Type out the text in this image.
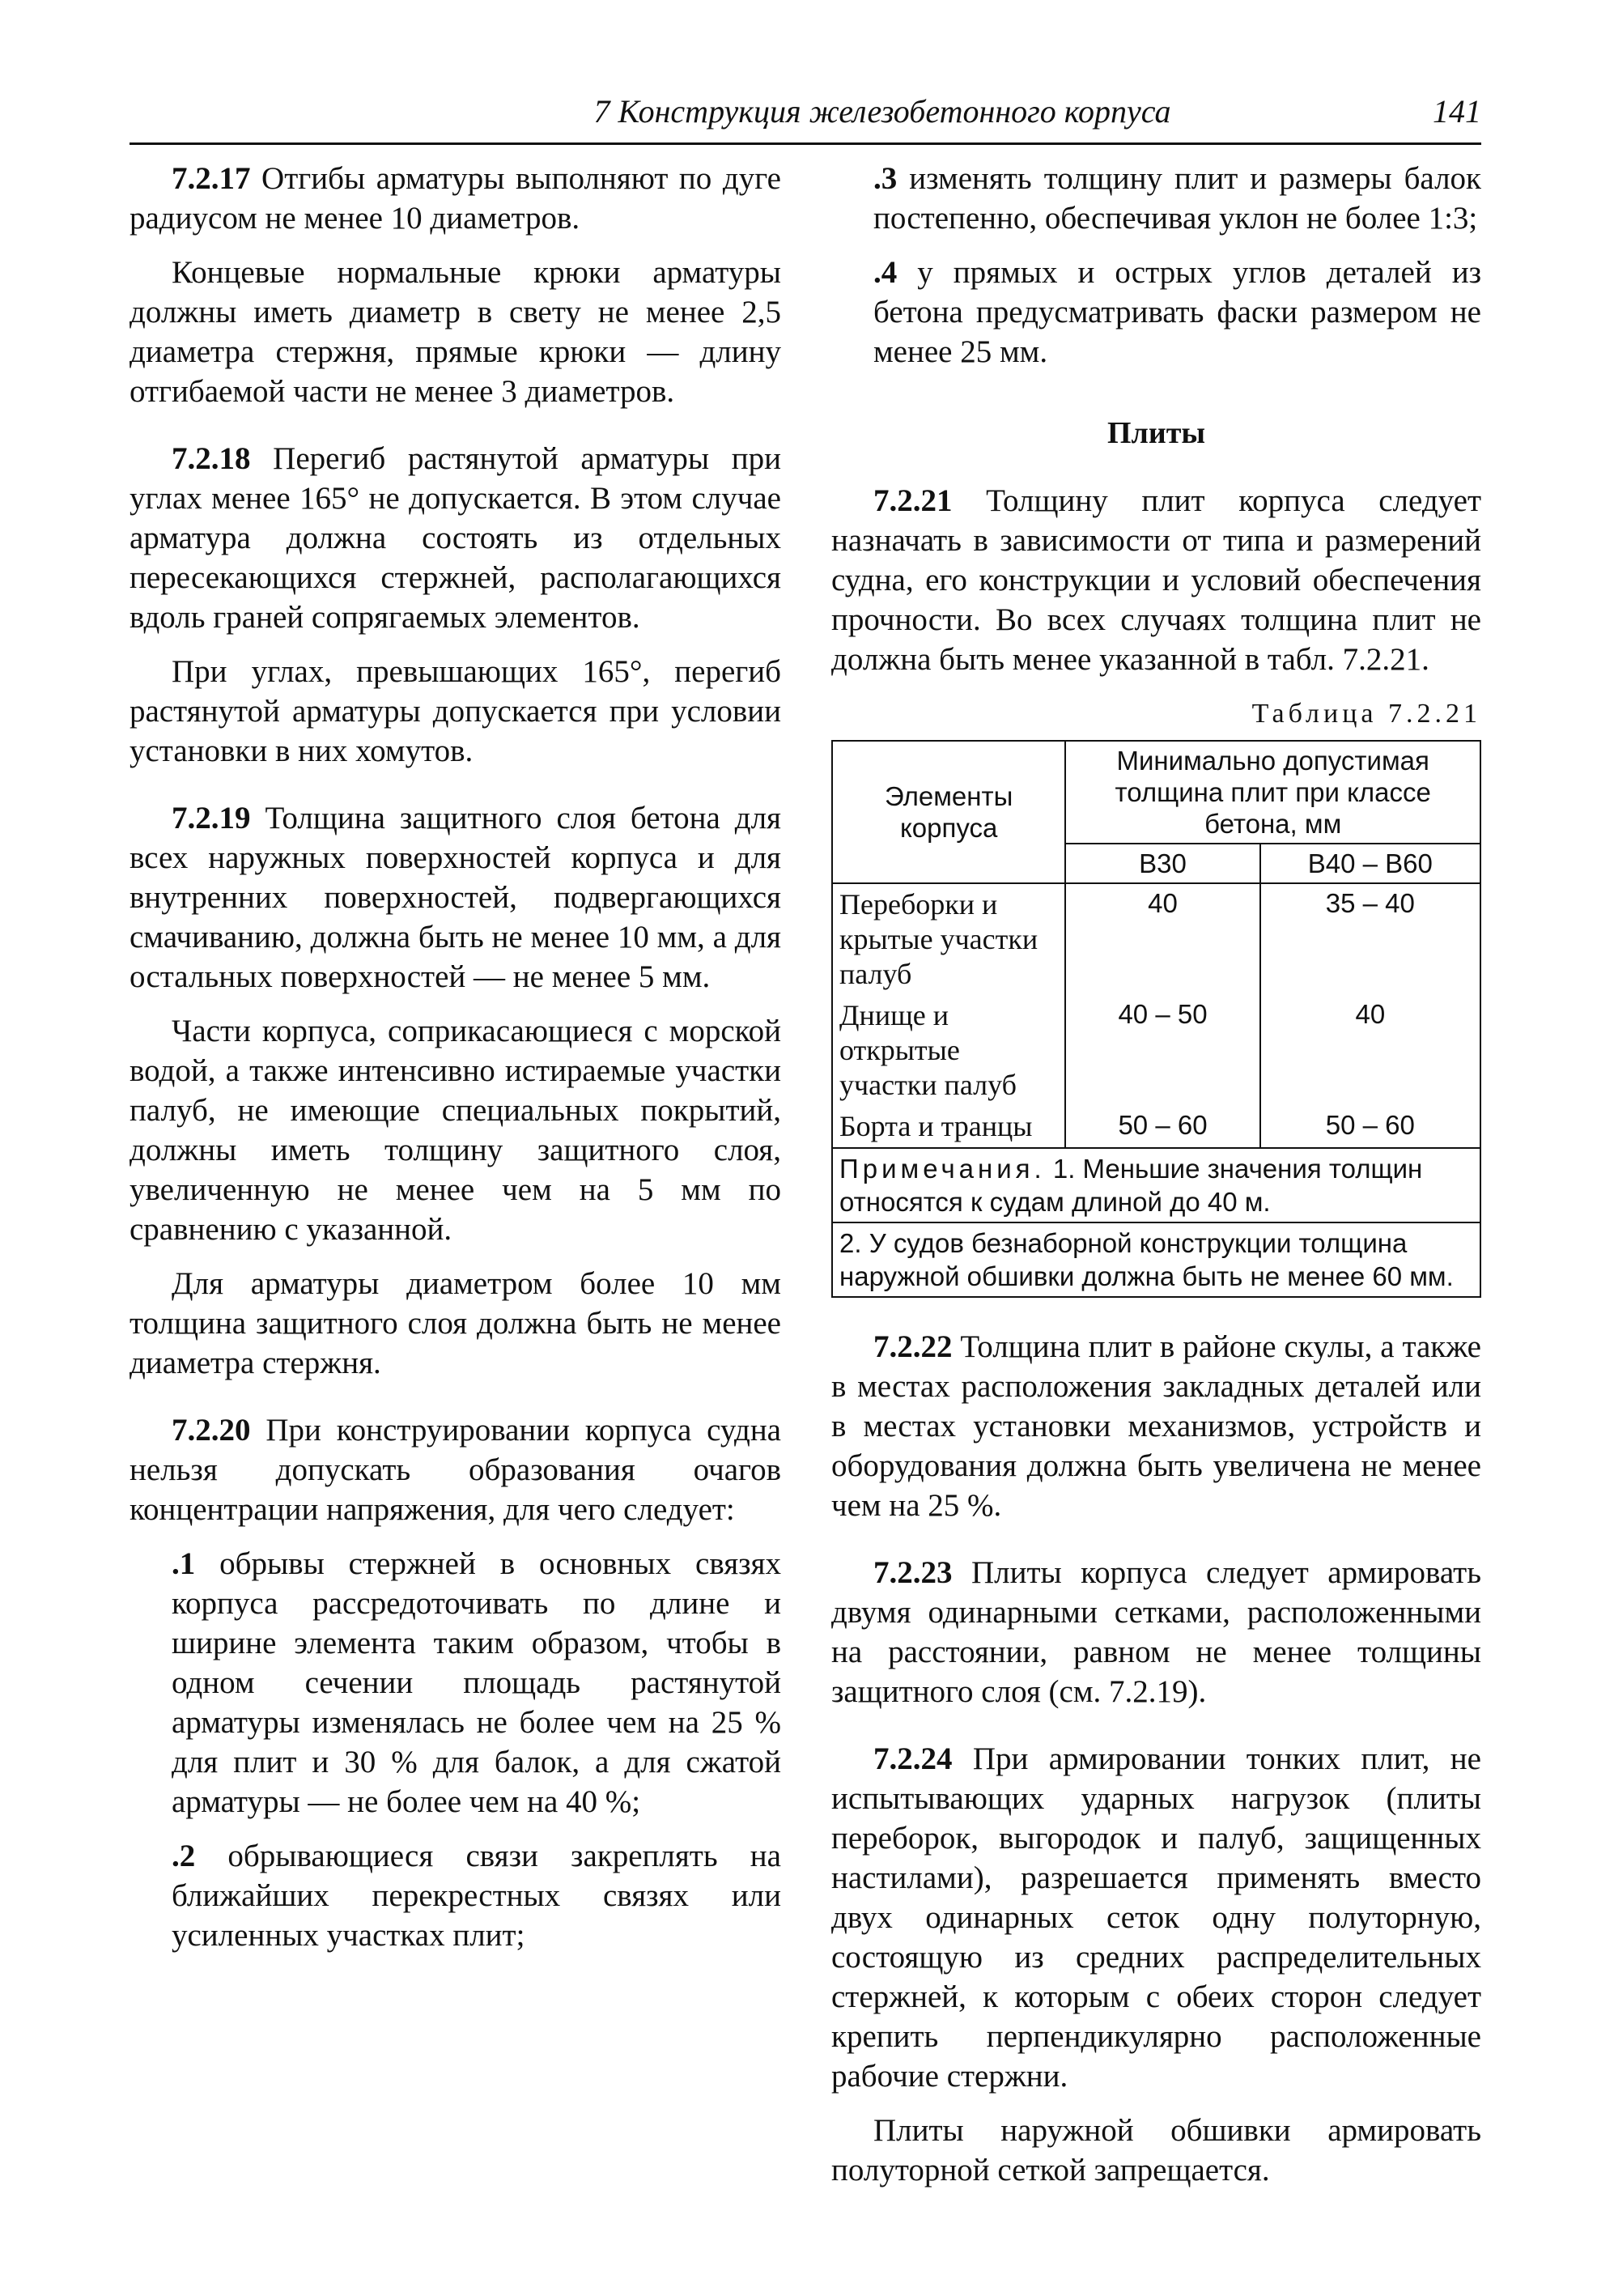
7 Конструкция железобетонного корпуса	141

7.2.17 Отгибы арматуры выполняют по дуге радиусом не менее 10 диаметров.

Концевые нормальные крюки арматуры должны иметь диаметр в свету не менее 2,5 диаметра стержня, прямые крюки — длину отгибаемой части не менее 3 диаметров.

7.2.18 Перегиб растянутой арматуры при углах менее 165° не допускается. В этом случае арматура должна состоять из отдельных пересекающихся стержней, располагающихся вдоль граней сопрягаемых элементов.

При углах, превышающих 165°, перегиб растянутой арматуры допускается при условии установки в них хомутов.

7.2.19 Толщина защитного слоя бетона для всех наружных поверхностей корпуса и для внутренних поверхностей, подвергающихся смачиванию, должна быть не менее 10 мм, а для остальных поверхностей — не менее 5 мм.

Части корпуса, соприкасающиеся с морской водой, а также интенсивно истираемые участки палуб, не имеющие специальных покрытий, должны иметь толщину защитного слоя, увеличенную не менее чем на 5 мм по сравнению с указанной.

Для арматуры диаметром более 10 мм толщина защитного слоя должна быть не менее диаметра стержня.

7.2.20 При конструировании корпуса судна нельзя допускать образования очагов концентрации напряжения, для чего следует:

.1 обрывы стержней в основных связях корпуса рассредоточивать по длине и ширине элемента таким образом, чтобы в одном сечении площадь растянутой арматуры изменялась не более чем на 25 % для плит и 30 % для балок, а для сжатой арматуры — не более чем на 40 %;

.2 обрывающиеся связи закреплять на ближайших перекрестных связях или усиленных участках плит;

.3 изменять толщину плит и размеры балок постепенно, обеспечивая уклон не более 1:3;

.4 у прямых и острых углов деталей из бетона предусматривать фаски размером не менее 25 мм.

Плиты

7.2.21 Толщину плит корпуса следует назначать в зависимости от типа и размерений судна, его конструкции и условий обеспечения прочности. Во всех случаях толщина плит не должна быть менее указанной в табл. 7.2.21.

Таблица 7.2.21
Элементы корпуса	Минимально допустимая толщина плит при классе бетона, мм	
	В30	В40 – В60
Переборки и крытые участки палуб	40	35 – 40
Днище и открытые участки палуб	40 – 50	40
Борта и транцы	50 – 60	50 – 60
Примечания. 1. Меньшие значения толщин относятся к судам длиной до 40 м.		
2. У судов безнаборной конструкции толщина наружной обшивки должна быть не менее 60 мм.		

7.2.22 Толщина плит в районе скулы, а также в местах расположения закладных деталей или в местах установки механизмов, устройств и оборудования должна быть увеличена не менее чем на 25 %.

7.2.23 Плиты корпуса следует армировать двумя одинарными сетками, расположенными на расстоянии, равном не менее толщины защитного слоя (см. 7.2.19).

7.2.24 При армировании тонких плит, не испытывающих ударных нагрузок (плиты переборок, выгородок и палуб, защищенных настилами), разрешается применять вместо двух одинарных сеток одну полуторную, состоящую из средних распределительных стержней, к которым с обеих сторон следует крепить перпендикулярно расположенные рабочие стержни.

Плиты наружной обшивки армировать полуторной сеткой запрещается.
